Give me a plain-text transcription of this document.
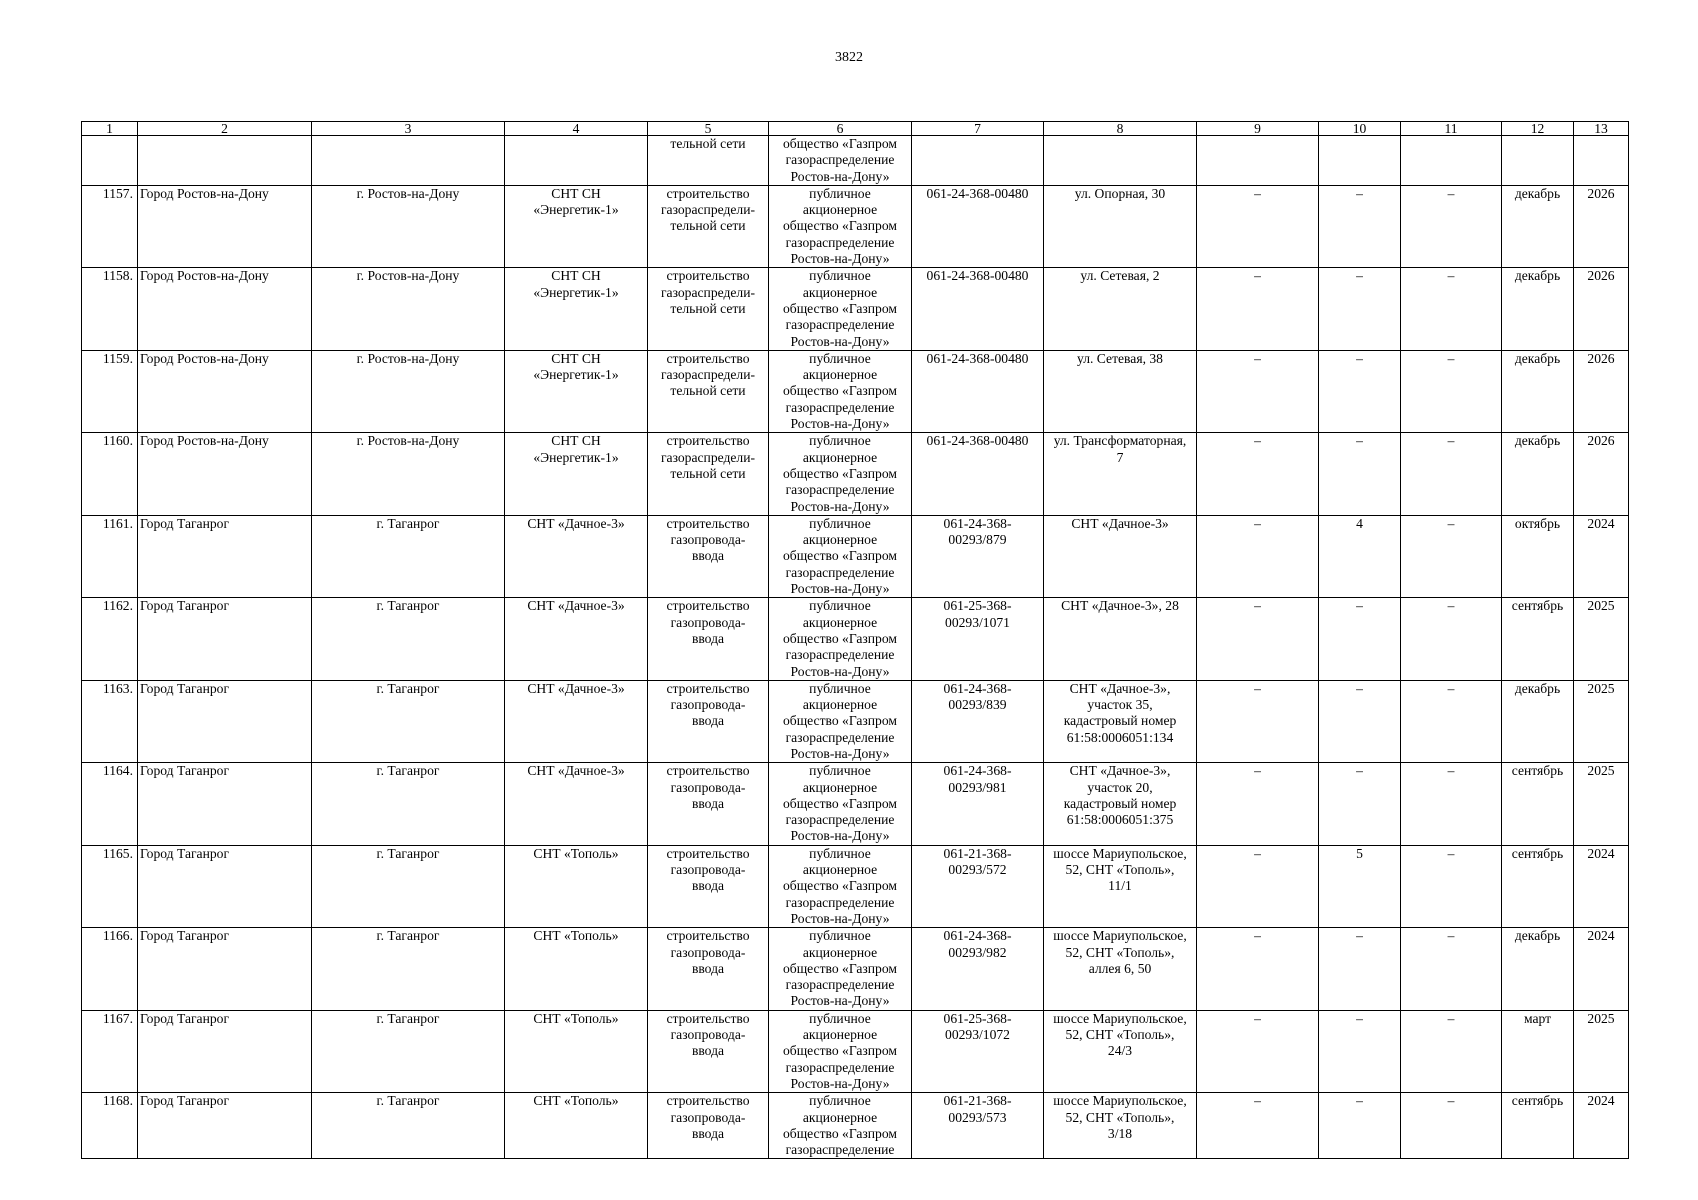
3822
1	2	3	4	5	6	7	8	9	10	11	12	13

				тельной сети	общество «Газпром
газораспределение
Ростов-на-Дону»							

1157.	Город Ростов-на-Дону	г. Ростов-на-Дону	СНТ СН
«Энергетик-1»	строительство
газораспредели-
тельной сети	публичное
акционерное
общество «Газпром
газораспределение
Ростов-на-Дону»	061-24-368-00480	ул. Опорная, 30	–	–	–	декабрь	2026

1158.	Город Ростов-на-Дону	г. Ростов-на-Дону	СНТ СН
«Энергетик-1»	строительство
газораспредели-
тельной сети	публичное
акционерное
общество «Газпром
газораспределение
Ростов-на-Дону»	061-24-368-00480	ул. Сетевая, 2	–	–	–	декабрь	2026

1159.	Город Ростов-на-Дону	г. Ростов-на-Дону	СНТ СН
«Энергетик-1»	строительство
газораспредели-
тельной сети	публичное
акционерное
общество «Газпром
газораспределение
Ростов-на-Дону»	061-24-368-00480	ул. Сетевая, 38	–	–	–	декабрь	2026

1160.	Город Ростов-на-Дону	г. Ростов-на-Дону	СНТ СН
«Энергетик-1»	строительство
газораспредели-
тельной сети	публичное
акционерное
общество «Газпром
газораспределение
Ростов-на-Дону»	061-24-368-00480	ул. Трансформаторная,
7	–	–	–	декабрь	2026

1161.	Город Таганрог	г. Таганрог	СНТ «Дачное-3»	строительство
газопровода-
ввода	публичное
акционерное
общество «Газпром
газораспределение
Ростов-на-Дону»	061-24-368-
00293/879	СНТ «Дачное-3»	–	4	–	октябрь	2024

1162.	Город Таганрог	г. Таганрог	СНТ «Дачное-3»	строительство
газопровода-
ввода	публичное
акционерное
общество «Газпром
газораспределение
Ростов-на-Дону»	061-25-368-
00293/1071	СНТ «Дачное-3», 28	–	–	–	сентябрь	2025

1163.	Город Таганрог	г. Таганрог	СНТ «Дачное-3»	строительство
газопровода-
ввода	публичное
акционерное
общество «Газпром
газораспределение
Ростов-на-Дону»	061-24-368-
00293/839	СНТ «Дачное-3»,
участок 35,
кадастровый номер
61:58:0006051:134	–	–	–	декабрь	2025

1164.	Город Таганрог	г. Таганрог	СНТ «Дачное-3»	строительство
газопровода-
ввода	публичное
акционерное
общество «Газпром
газораспределение
Ростов-на-Дону»	061-24-368-
00293/981	СНТ «Дачное-3»,
участок 20,
кадастровый номер
61:58:0006051:375	–	–	–	сентябрь	2025

1165.	Город Таганрог	г. Таганрог	СНТ «Тополь»	строительство
газопровода-
ввода	публичное
акционерное
общество «Газпром
газораспределение
Ростов-на-Дону»	061-21-368-
00293/572	шоссе Мариупольское,
52, СНТ «Тополь»,
11/1	–	5	–	сентябрь	2024

1166.	Город Таганрог	г. Таганрог	СНТ «Тополь»	строительство
газопровода-
ввода	публичное
акционерное
общество «Газпром
газораспределение
Ростов-на-Дону»	061-24-368-
00293/982	шоссе Мариупольское,
52, СНТ «Тополь»,
аллея 6, 50	–	–	–	декабрь	2024

1167.	Город Таганрог	г. Таганрог	СНТ «Тополь»	строительство
газопровода-
ввода	публичное
акционерное
общество «Газпром
газораспределение
Ростов-на-Дону»	061-25-368-
00293/1072	шоссе Мариупольское,
52, СНТ «Тополь»,
24/3	–	–	–	март	2025

1168.	Город Таганрог	г. Таганрог	СНТ «Тополь»	строительство
газопровода-
ввода	публичное
акционерное
общество «Газпром
газораспределение	061-21-368-
00293/573	шоссе Мариупольское,
52, СНТ «Тополь»,
3/18	–	–	–	сентябрь	2024
